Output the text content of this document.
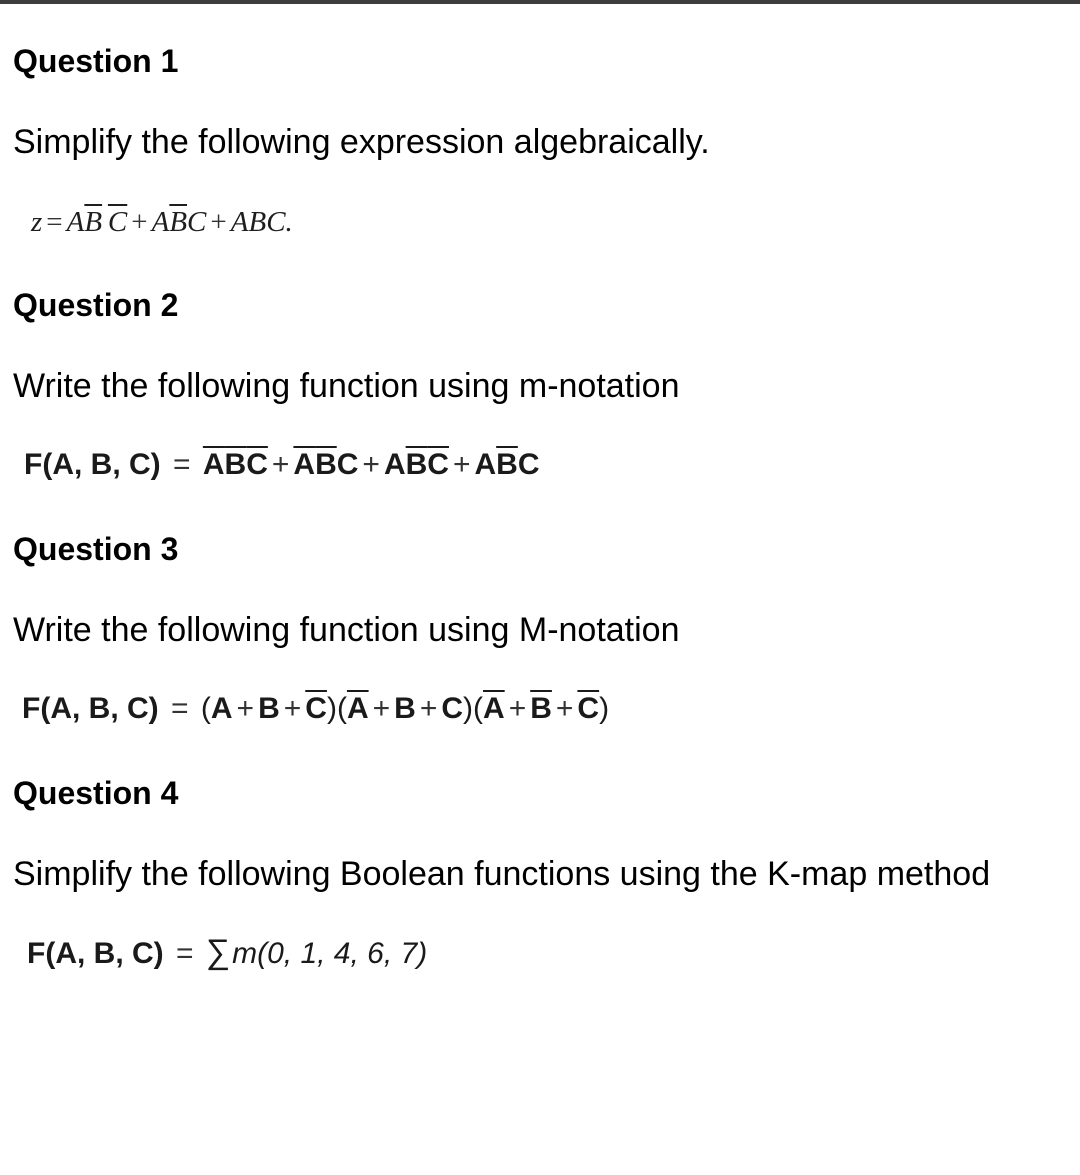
Question 1

Simplify the following expression algebraically.

$z = A\overline{B}$  $\overline{C} + A\overline{B}C$ + ABC.
Question 2

Write the following function using m-notation

F(A, B, $C) = \overline{A}\overline{B}\overline{C} + \overline{A}\overline{B}C + A\overline{B}\overline{C} + A\overline{B}C$
Question 3

Write the following function using M-notation

F(A, B, $C) = (A + B + \overline{C})(\overline{A} + B + C)(\overline{A} + \overline{B} + \overline{C})$
Question 4

Simplify the following Boolean functions using the K-map method

F(A, B, C) = ∑m(0, 1, 4, 6, 7)
